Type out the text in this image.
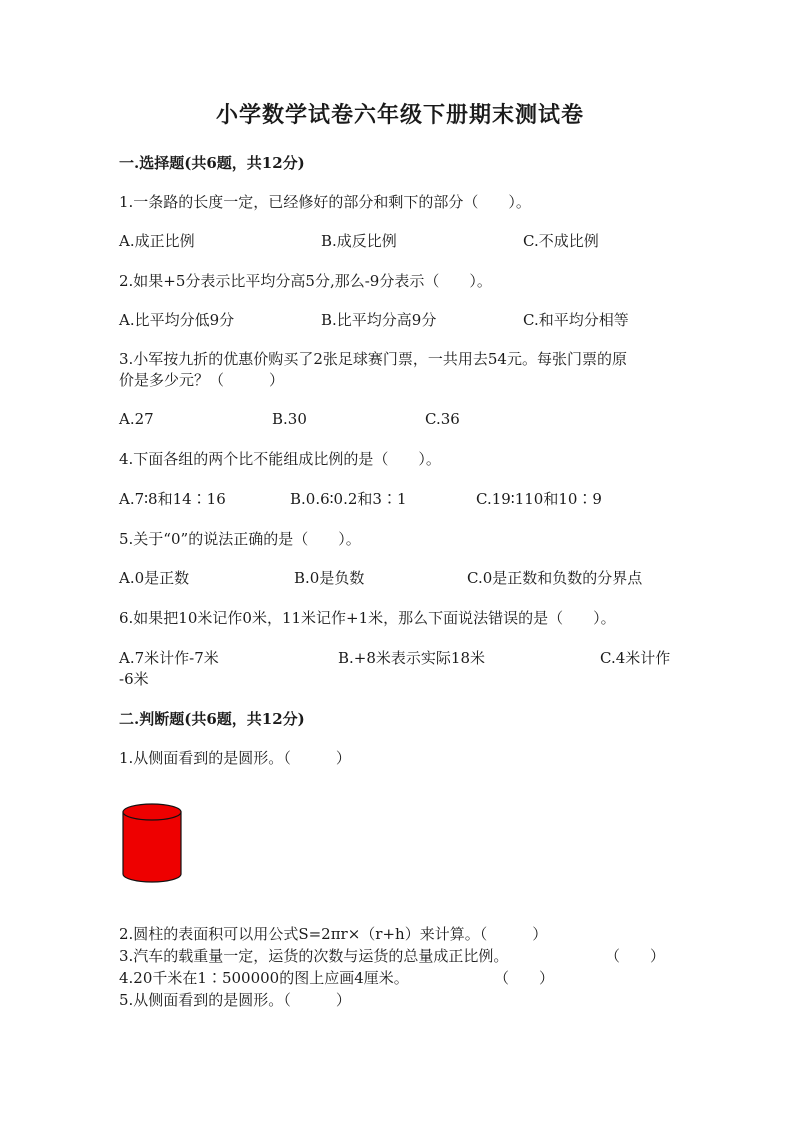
小学数学试卷六年级下册期末测试卷
一.选择题(共6题，共12分)
1.一条路的长度一定，已经修好的部分和剩下的部分（　　）。
A.成正比例	B.成反比例	C.不成比例
2.如果+5分表示比平均分高5分,那么-9分表示（　　）。
A.比平均分低9分	B.比平均分高9分	C.和平均分相等
3.小军按九折的优惠价购买了2张足球赛门票，一共用去54元。每张门票的原
价是多少元？（　　　）
A.27	B.30	C.36
4.下面各组的两个比不能组成比例的是（　　）。
A.7∶8和14∶16	B.0.6∶0.2和3∶1	C.19∶110和10∶9
5.关于“0”的说法正确的是（　　）。
A.0是正数	B.0是负数	C.0是正数和负数的分界点
6.如果把10米记作0米，11米记作+1米，那么下面说法错误的是（　　）。
A.7米计作-7米	B.+8米表示实际18米	C.4米计作
-6米
二.判断题(共6题，共12分)
1.从侧面看到的是圆形。（　　　）
2.圆柱的表面积可以用公式S=2πr×（r+h）来计算。（　　　）
3.汽车的载重量一定，运货的次数与运货的总量成正比例。	（　　）
4.20千米在1∶500000的图上应画4厘米。	（　　）
5.从侧面看到的是圆形。（　　　）
